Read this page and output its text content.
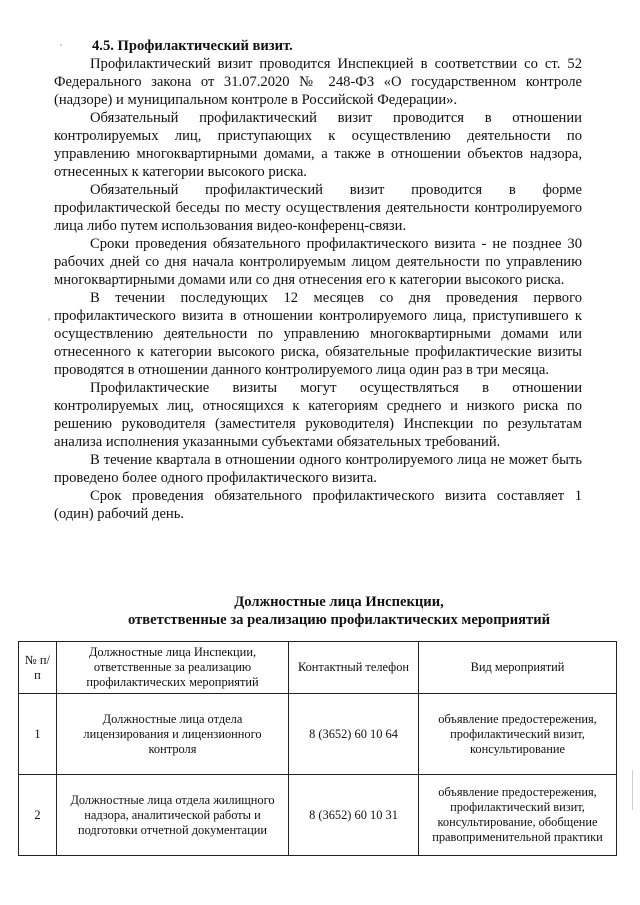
4.5. Профилактический визит.

Профилактический визит проводится Инспекцией в соответствии со ст. 52 Федерального закона от 31.07.2020 № 248-ФЗ «О государственном контроле (надзоре) и муниципальном контроле в Российской Федерации».

Обязательный профилактический визит проводится в отношении контролируемых лиц, приступающих к осуществлению деятельности по управлению многоквартирными домами, а также в отношении объектов надзора, отнесенных к категории высокого риска.

Обязательный профилактический визит проводится в форме профилактической беседы по месту осуществления деятельности контролируемого лица либо путем использования видео-конференц-связи.

Сроки проведения обязательного профилактического визита - не позднее 30 рабочих дней со дня начала контролируемым лицом деятельности по управлению многоквартирными домами или со дня отнесения его к категории высокого риска.

В течении последующих 12 месяцев со дня проведения первого профилактического визита в отношении контролируемого лица, приступившего к осуществлению деятельности по управлению многоквартирными домами или отнесенного к категории высокого риска, обязательные профилактические визиты проводятся в отношении данного контролируемого лица один раз в три месяца.

Профилактические визиты могут осуществляться в отношении контролируемых лиц, относящихся к категориям среднего и низкого риска по решению руководителя (заместителя руководителя) Инспекции по результатам анализа исполнения указанными субъектами обязательных требований.

В течение квартала в отношении одного контролируемого лица не может быть проведено более одного профилактического визита.

Срок проведения обязательного профилактического визита составляет 1 (один) рабочий день.

Должностные лица Инспекции,
ответственные за реализацию профилактических мероприятий
№ п/п	Должностные лица Инспекции, ответственные за реализацию профилактических мероприятий	Контактный телефон	Вид мероприятий
1	Должностные лица отдела лицензирования и лицензионного контроля	8 (3652) 60 10 64	объявление предостережения, профилактический визит, консультирование
2	Должностные лица отдела жилищного надзора, аналитической работы и подготовки отчетной документации	8 (3652) 60 10 31	объявление предостережения, профилактический визит, консультирование, обобщение правоприменительной практики
